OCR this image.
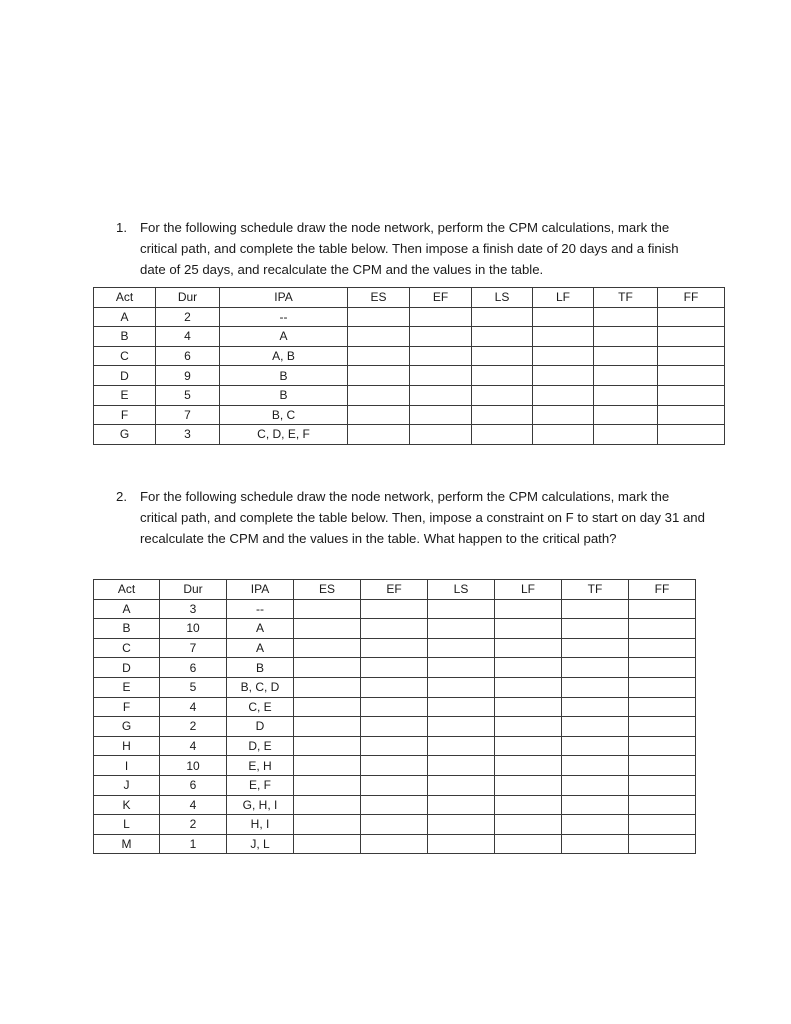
1. For the following schedule draw the node network, perform the CPM calculations, mark the critical path, and complete the table below. Then impose a finish date of 20 days and a finish date of 25 days, and recalculate the CPM and the values in the table.
Act	Dur	IPA	ES	EF	LS	LF	TF	FF
A	2	--						
B	4	A						
C	6	A, B						
D	9	B						
E	5	B						
F	7	B, C						
G	3	C, D, E, F						
2. For the following schedule draw the node network, perform the CPM calculations, mark the critical path, and complete the table below. Then, impose a constraint on F to start on day 31 and recalculate the CPM and the values in the table. What happen to the critical path?
Act	Dur	IPA	ES	EF	LS	LF	TF	FF
A	3	--						
B	10	A						
C	7	A						
D	6	B						
E	5	B, C, D						
F	4	C, E						
G	2	D						
H	4	D, E						
I	10	E, H						
J	6	E, F						
K	4	G, H, I						
L	2	H, I						
M	1	J, L						
